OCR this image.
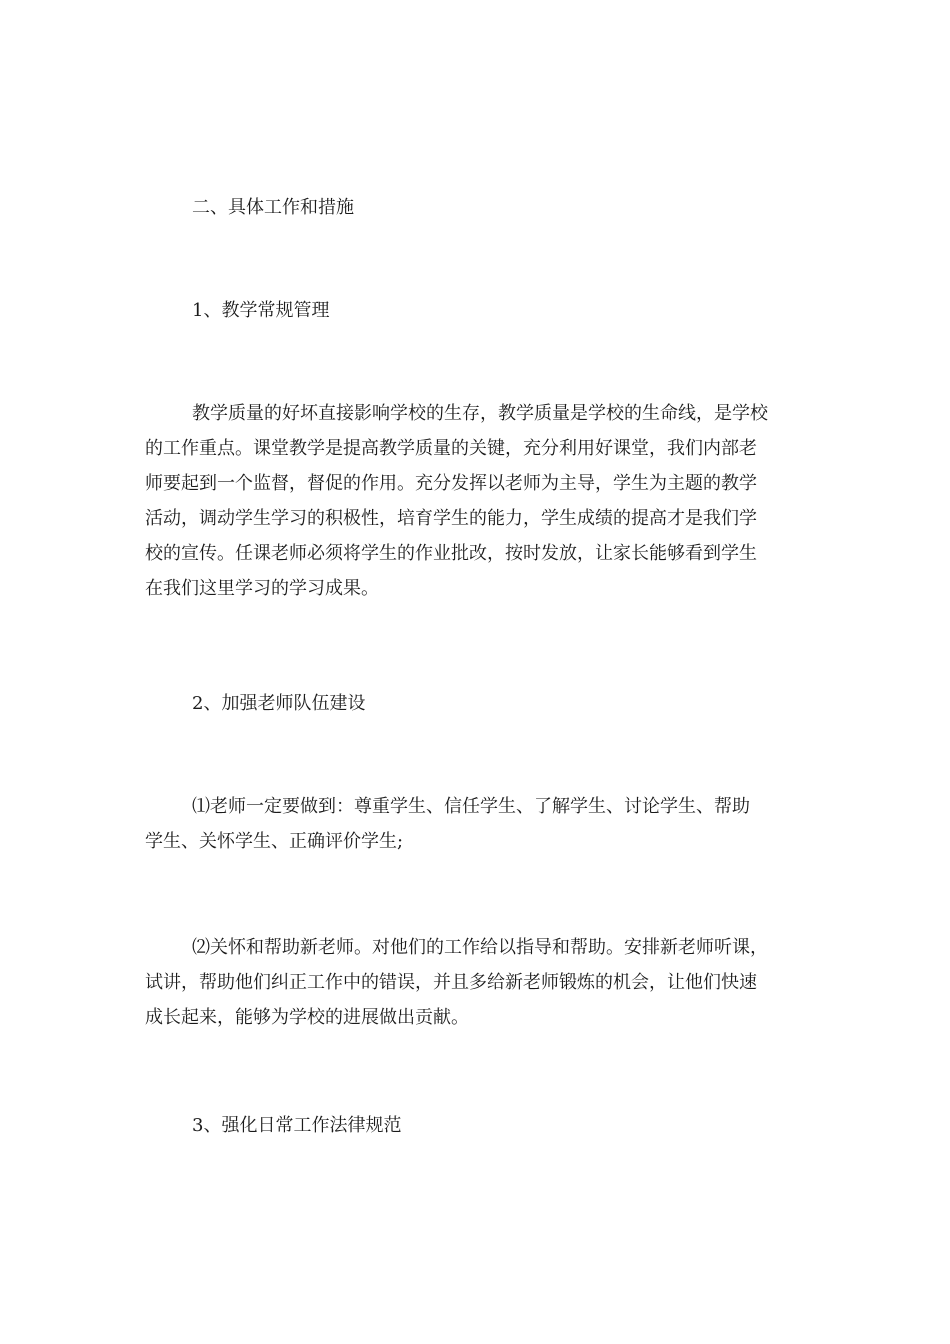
二、具体工作和措施

1、教学常规管理

教学质量的好坏直接影响学校的生存，教学质量是学校的生命线，是学校
的工作重点。课堂教学是提高教学质量的关键，充分利用好课堂，我们内部老
师要起到一个监督，督促的作用。充分发挥以老师为主导，学生为主题的教学
活动，调动学生学习的积极性，培育学生的能力，学生成绩的提高才是我们学
校的宣传。任课老师必须将学生的作业批改，按时发放，让家长能够看到学生
在我们这里学习的学习成果。

2、加强老师队伍建设

⑴老师一定要做到：尊重学生、信任学生、了解学生、讨论学生、帮助
学生、关怀学生、正确评价学生;

⑵关怀和帮助新老师。对他们的工作给以指导和帮助。安排新老师听课，
试讲，帮助他们纠正工作中的错误，并且多给新老师锻炼的机会，让他们快速
成长起来，能够为学校的进展做出贡献。

3、强化日常工作法律规范
